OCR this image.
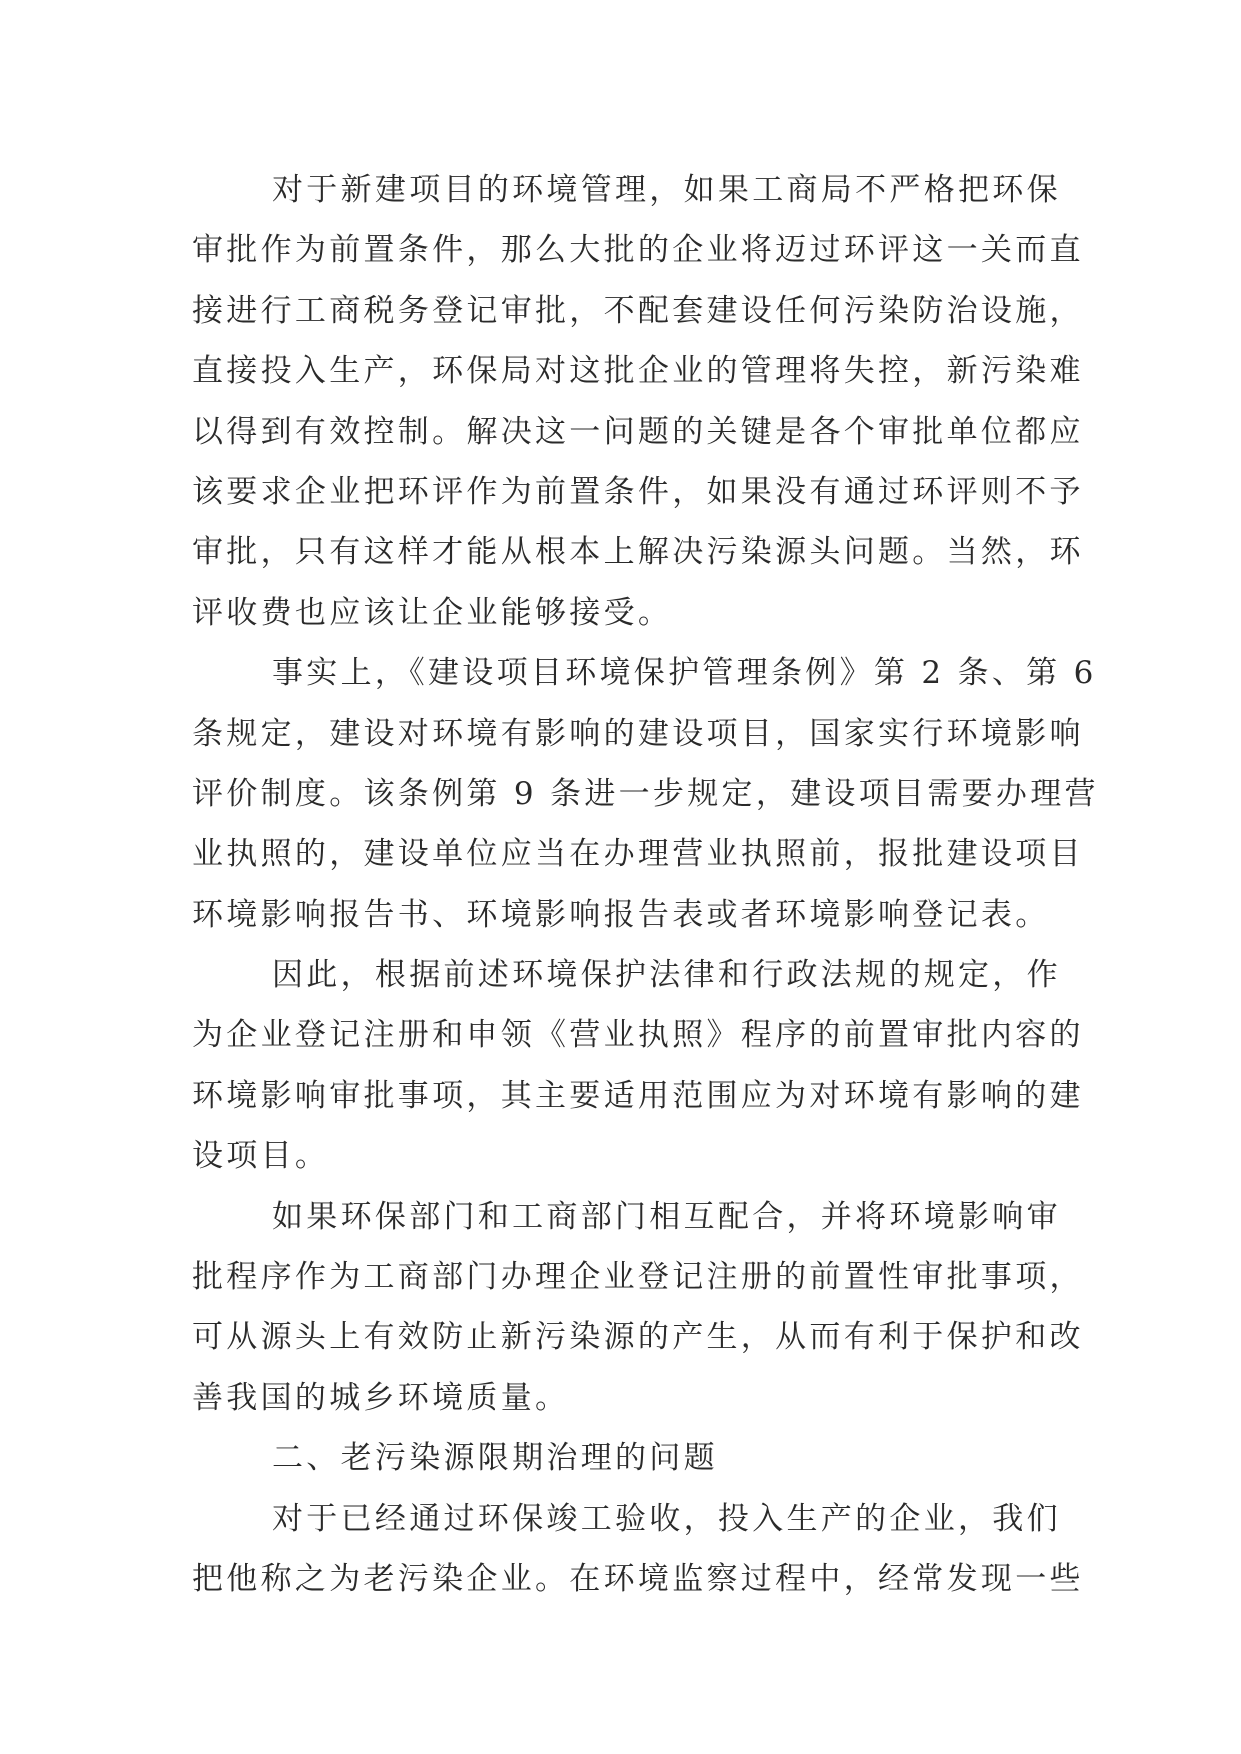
对于新建项目的环境管理，如果工商局不严格把环保
审批作为前置条件，那么大批的企业将迈过环评这一关而直
接进行工商税务登记审批，不配套建设任何污染防治设施，
直接投入生产，环保局对这批企业的管理将失控，新污染难
以得到有效控制。解决这一问题的关键是各个审批单位都应
该要求企业把环评作为前置条件，如果没有通过环评则不予
审批，只有这样才能从根本上解决污染源头问题。当然，环
评收费也应该让企业能够接受。
事实上，《建设项目环境保护管理条例》第 2 条、第 6
条规定，建设对环境有影响的建设项目，国家实行环境影响
评价制度。该条例第 9 条进一步规定，建设项目需要办理营
业执照的，建设单位应当在办理营业执照前，报批建设项目
环境影响报告书、环境影响报告表或者环境影响登记表。
因此，根据前述环境保护法律和行政法规的规定，作
为企业登记注册和申领《营业执照》程序的前置审批内容的
环境影响审批事项，其主要适用范围应为对环境有影响的建
设项目。
如果环保部门和工商部门相互配合，并将环境影响审
批程序作为工商部门办理企业登记注册的前置性审批事项，
可从源头上有效防止新污染源的产生，从而有利于保护和改
善我国的城乡环境质量。
二、老污染源限期治理的问题
对于已经通过环保竣工验收，投入生产的企业，我们
把他称之为老污染企业。在环境监察过程中，经常发现一些
